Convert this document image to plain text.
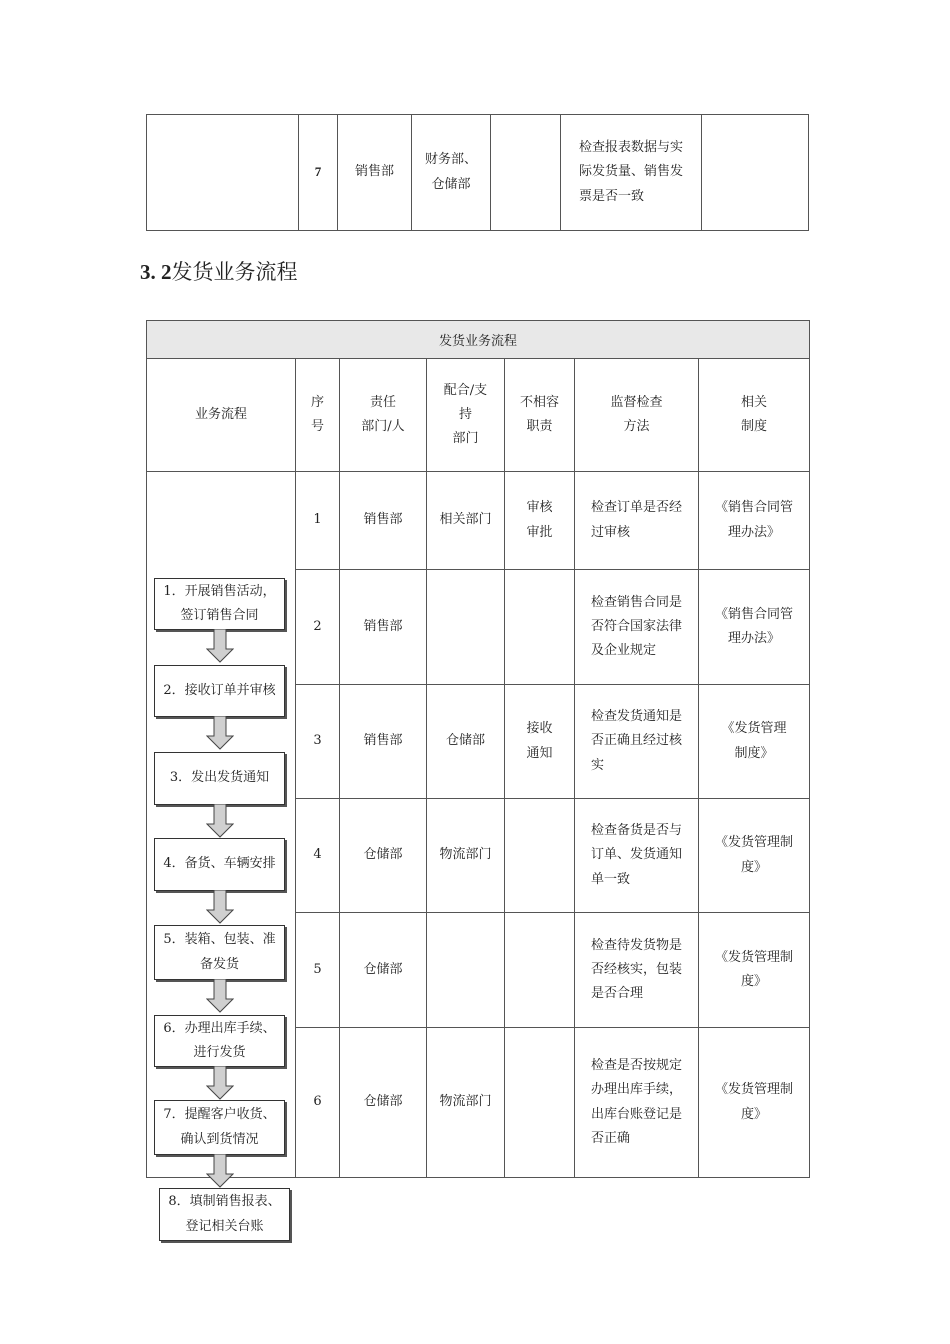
	7	销售部	财务部、
仓储部		检查报表数据与实
际发货量、销售发
票是否一致	
3. 2发货业务流程
发货业务流程						
业务流程	序
号	责任
部门/人	配合/支
持
部门	不相容
职责	监督检查
方法	相关
制度
	1	销售部	相关部门	审核
审批	检查订单是否经
过审核	《销售合同管
理办法》
	2	销售部			检查销售合同是
否符合国家法律
及企业规定	《销售合同管
理办法》
	3	销售部	仓储部	接收
通知	检查发货通知是
否正确且经过核
实	《发货管理
制度》
	4	仓储部	物流部门		检查备货是否与
订单、发货通知
单一致	《发货管理制
度》
	5	仓储部			检查待发货物是
否经核实，包装
是否合理	《发货管理制
度》
	6	仓储部	物流部门		检查是否按规定
办理出库手续，
出库台账登记是
否正确	《发货管理制
度》
1．开展销售活动，
签订销售合同
2．接收订单并审核
3．发出发货通知
4．备货、车辆安排
5．装箱、包装、准
备发货
6．办理出库手续、
进行发货
7．提醒客户收货、
确认到货情况
8．填制销售报表、
登记相关台账
